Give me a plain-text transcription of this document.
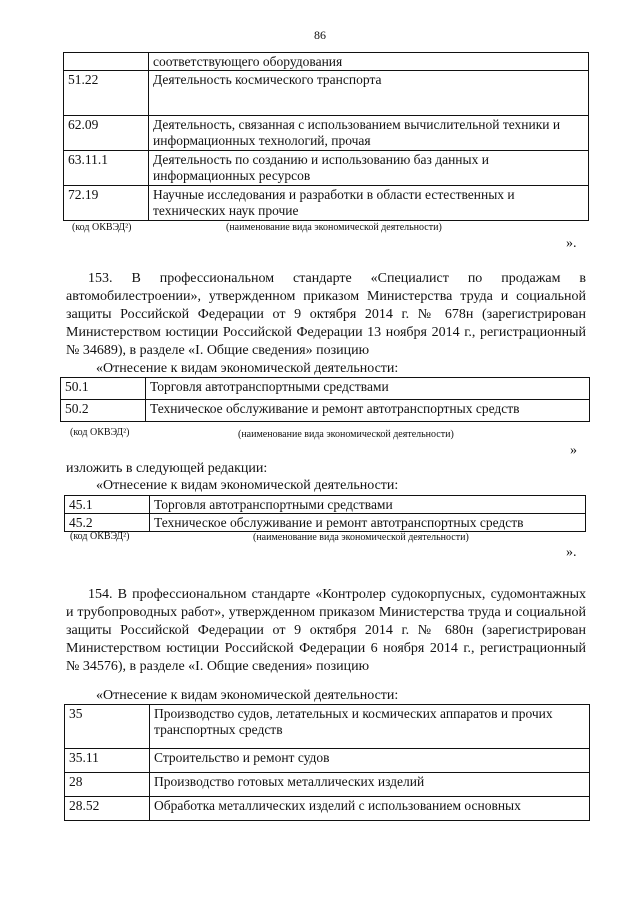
86
	соответствующего оборудования
51.22	Деятельность космического транспорта
62.09	Деятельность, связанная с использованием вычислительной техники и информационных технологий, прочая
63.11.1	Деятельность по созданию и использованию баз данных и информационных ресурсов
72.19	Научные исследования и разработки в области естественных и технических наук прочие
(код ОКВЭД²)	(наименование вида экономической деятельности)
».
153. В профессиональном стандарте «Специалист по продажам в автомобилестроении», утвержденном приказом Министерства труда и социальной защиты Российской Федерации от 9 октября 2014 г. № 678н (зарегистрирован Министерством юстиции Российской Федерации 13 ноября 2014 г., регистрационный № 34689), в разделе «I. Общие сведения» позицию
«Отнесение к видам экономической деятельности:
50.1	Торговля автотранспортными средствами
50.2	Техническое обслуживание и ремонт автотранспортных средств
(код ОКВЭД²)	(наименование вида экономической деятельности)
»
изложить в следующей редакции:
«Отнесение к видам экономической деятельности:
45.1	Торговля автотранспортными средствами
45.2	Техническое обслуживание и ремонт автотранспортных средств
(код ОКВЭД²)	(наименование вида экономической деятельности)
».
154. В профессиональном стандарте «Контролер судокорпусных, судомонтажных и трубопроводных работ», утвержденном приказом Министерства труда и социальной защиты Российской Федерации от 9 октября 2014 г. № 680н (зарегистрирован Министерством юстиции Российской Федерации 6 ноября 2014 г., регистрационный № 34576), в разделе «I. Общие сведения» позицию
«Отнесение к видам экономической деятельности:
35	Производство судов, летательных и космических аппаратов и прочих транспортных средств
35.11	Строительство и ремонт судов
28	Производство готовых металлических изделий
28.52	Обработка металлических изделий с использованием основных
